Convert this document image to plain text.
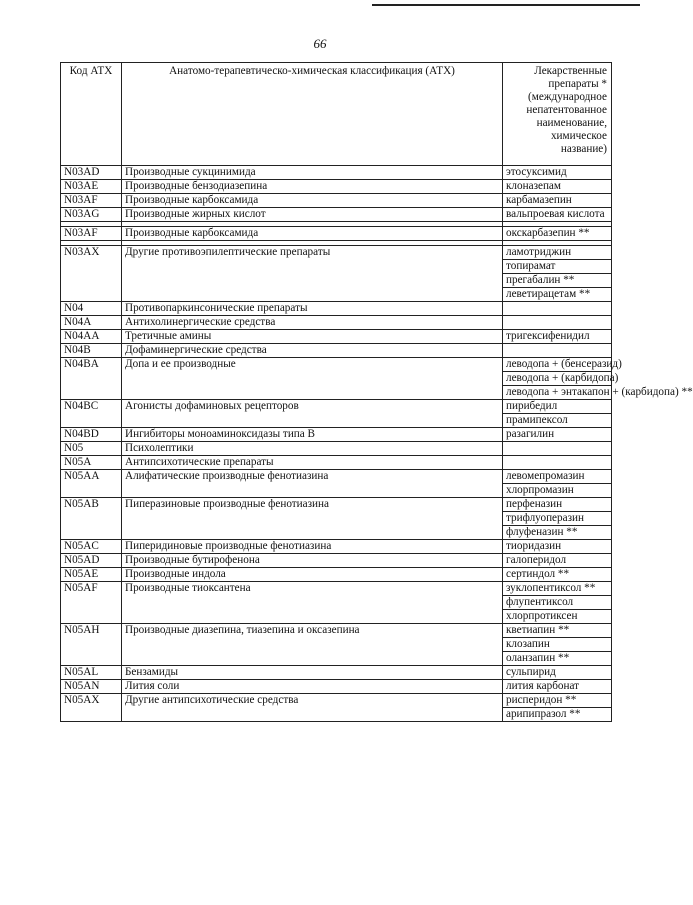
66
Код АТХ	Анатомо-терапевтическо-химическая классификация (АТХ)	Лекарственные препараты * (международное непатентованное наименование, химическое название)
N03AD	Производные сукцинимида	этосуксимид
N03AE	Производные бензодиазепина	клоназепам
N03AF	Производные карбоксамида	карбамазепин
N03AG	Производные жирных кислот	вальпроевая кислота

N03AF	Производные карбоксамида	окскарбазепин **

N03AX	Другие противоэпилептические препараты	ламотриджин
		топирамат
		прегабалин **
		леветирацетам **
N04	Противопаркинсонические препараты	
N04A	Антихолинергические средства	
N04AA	Третичные амины	тригексифенидил
N04B	Дофаминергические средства	
N04BA	Допа и ее производные	леводопа + (бенсеразид)
		леводопа + (карбидопа)
		леводопа + энтакапон + (карбидопа) **
N04BC	Агонисты дофаминовых рецепторов	пирибедил
		прамипексол
N04BD	Ингибиторы моноаминоксидазы типа В	разагилин
N05	Психолептики	
N05A	Антипсихотические препараты	
N05AA	Алифатические производные фенотиазина	левомепромазин
		хлорпромазин
N05AB	Пиперазиновые производные фенотиазина	перфеназин
		трифлуоперазин
		флуфеназин **
N05AC	Пиперидиновые производные фенотиазина	тиоридазин
N05AD	Производные бутирофенона	галоперидол
N05AE	Производные индола	сертиндол **
N05AF	Производные тиоксантена	зуклопентиксол **
		флупентиксол
		хлорпротиксен
N05AH	Производные диазепина, тиазепина и оксазепина	кветиапин **
		клозапин
		оланзапин **
N05AL	Бензамиды	сульпирид
N05AN	Лития соли	лития карбонат
N05AX	Другие антипсихотические средства	рисперидон **
		арипипразол **
